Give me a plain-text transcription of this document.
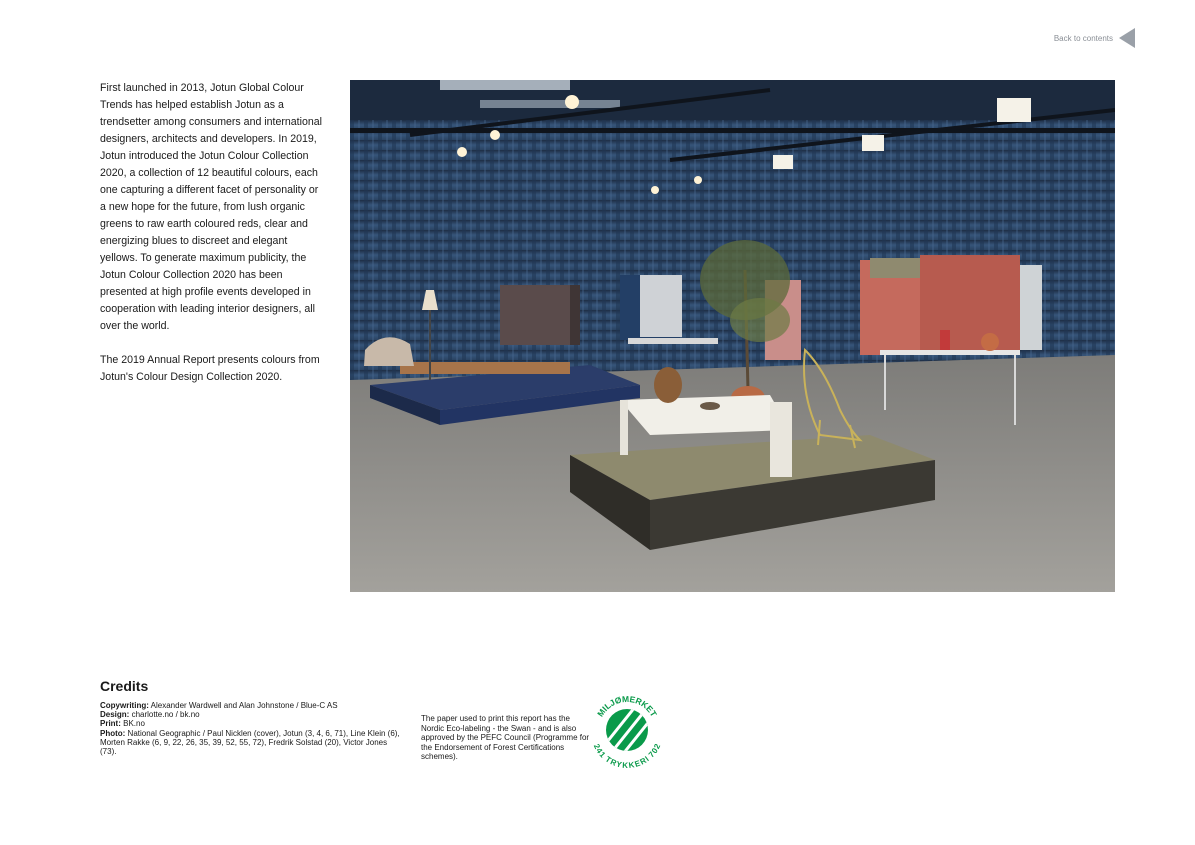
Back to contents

First launched in 2013, Jotun Global Colour Trends has helped establish Jotun as a trendsetter among consumers and international designers, architects and developers. In 2019, Jotun introduced the Jotun Colour Collection 2020, a collection of 12 beautiful colours, each one capturing a different facet of personality or a new hope for the future, from lush organic greens to raw earth coloured reds, clear and energizing blues to discreet and elegant yellows. To generate maximum publicity, the Jotun Colour Collection 2020 has been presented at high profile events developed in cooperation with leading interior designers, all over the world.

The 2019 Annual Report presents colours from Jotun's Colour Design Collection 2020.

Credits
Copywriting: Alexander Wardwell and Alan Johnstone / Blue-C AS
Design: charlotte.no / bk.no
Print: BK.no
Photo: National Geographic / Paul Nicklen (cover), Jotun (3, 4, 6, 71), Line Klein (6), Morten Rakke (6, 9, 22, 26, 35, 39, 52, 55, 72), Fredrik Solstad (20), Victor Jones (73).
The paper used to print this report has the Nordic Eco-labeling - the Swan - and is also approved by the PEFC Council (Programme for the Endorsement of Forest Certifications schemes).
MILJØMERKET
241 TRYKKERI 702
